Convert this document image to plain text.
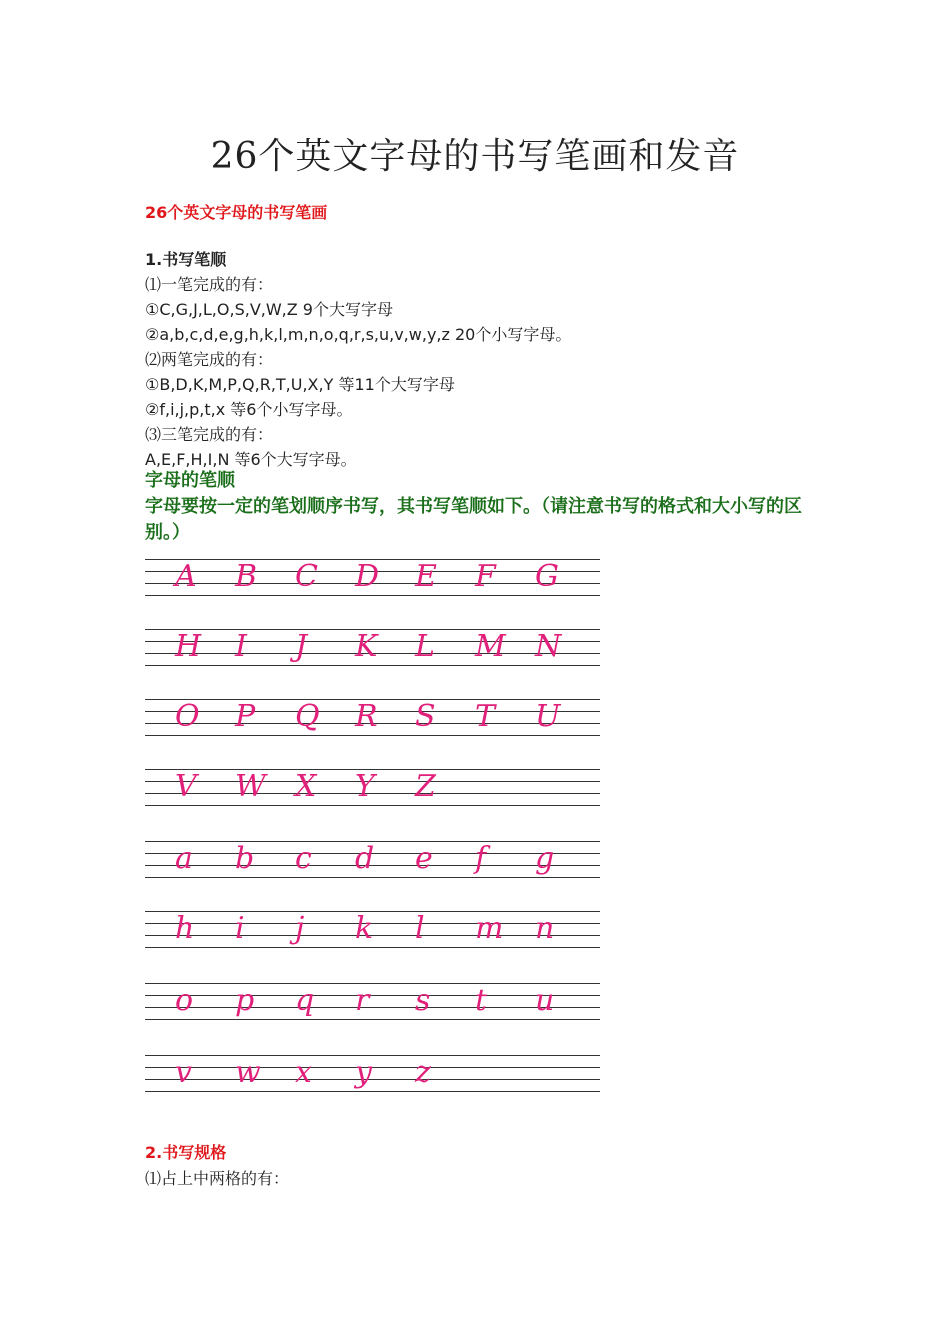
26个英文字母的书写笔画和发音
26个英文字母的书写笔画
1.书写笔顺
⑴一笔完成的有：
①C,G,J,L,O,S,V,W,Z 9个大写字母
②a,b,c,d,e,g,h,k,l,m,n,o,q,r,s,u,v,w,y,z 20个小写字母。
⑵两笔完成的有：
①B,D,K,M,P,Q,R,T,U,X,Y 等11个大写字母
②f,i,j,p,t,x 等6个小写字母。
⑶三笔完成的有：
A,E,F,H,I,N 等6个大写字母。
字母的笔顺
字母要按一定的笔划顺序书写，其书写笔顺如下。（请注意书写的格式和大小写的区别。）
A B C D E F G
H I J K L M N
O P Q R S T U
V W X Y Z
a b c d e f g
h i j k l m n
o p q r s t u
v w x y z
2.书写规格
⑴占上中两格的有：
